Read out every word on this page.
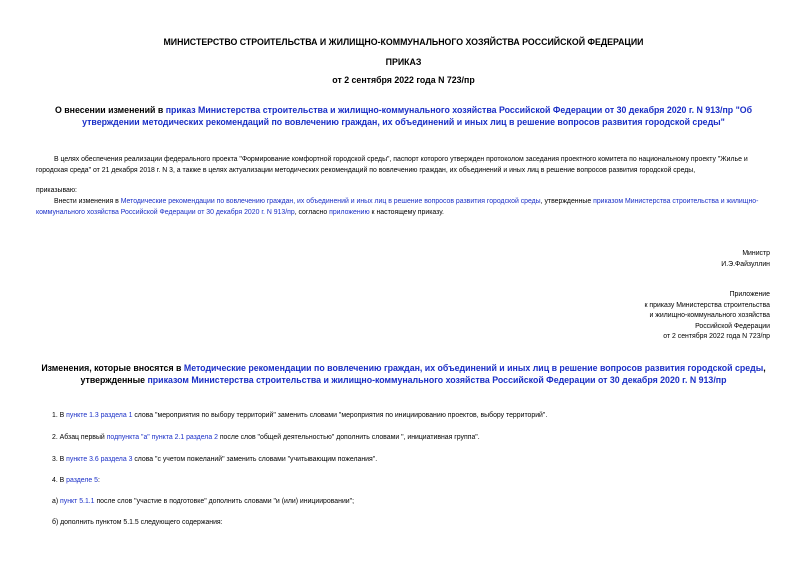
МИНИСТЕРСТВО СТРОИТЕЛЬСТВА И ЖИЛИЩНО-КОММУНАЛЬНОГО ХОЗЯЙСТВА РОССИЙСКОЙ ФЕДЕРАЦИИ
ПРИКАЗ
от 2 сентября 2022 года N 723/пр
О внесении изменений в приказ Министерства строительства и жилищно-коммунального хозяйства Российской Федерации от 30 декабря 2020 г. N 913/пр "Об утверждении методических рекомендаций по вовлечению граждан, их объединений и иных лиц в решение вопросов развития городской среды"
В целях обеспечения реализации федерального проекта "Формирование комфортной городской среды", паспорт которого утвержден протоколом заседания проектного комитета по национальному проекту "Жилье и городская среда" от 21 декабря 2018 г. N 3, а также в целях актуализации методических рекомендаций по вовлечению граждан, их объединений и иных лиц в решение вопросов развития городской среды,
приказываю:
Внести изменения в Методические рекомендации по вовлечению граждан, их объединений и иных лиц в решение вопросов развития городской среды, утвержденные приказом Министерства строительства и жилищно-коммунального хозяйства Российской Федерации от 30 декабря 2020 г. N 913/пр, согласно приложению к настоящему приказу.
Министр
И.Э.Файзуллин
Приложение
к приказу Министерства строительства
и жилищно-коммунального хозяйства
Российской Федерации
от 2 сентября 2022 года N 723/пр
Изменения, которые вносятся в Методические рекомендации по вовлечению граждан, их объединений и иных лиц в решение вопросов развития городской среды, утвержденные приказом Министерства строительства и жилищно-коммунального хозяйства Российской Федерации от 30 декабря 2020 г. N 913/пр
1. В пункте 1.3 раздела 1 слова "мероприятия по выбору территорий" заменить словами "мероприятия по инициированию проектов, выбору территорий".
2. Абзац первый подпункта "а" пункта 2.1 раздела 2 после слов "общей деятельностью" дополнить словами ", инициативная группа".
3. В пункте 3.6 раздела 3 слова "с учетом пожеланий" заменить словами "учитывающим пожелания".
4. В разделе 5:
а) пункт 5.1.1 после слов "участие в подготовке" дополнить словами "и (или) инициировании";
б) дополнить пунктом 5.1.5 следующего содержания:
